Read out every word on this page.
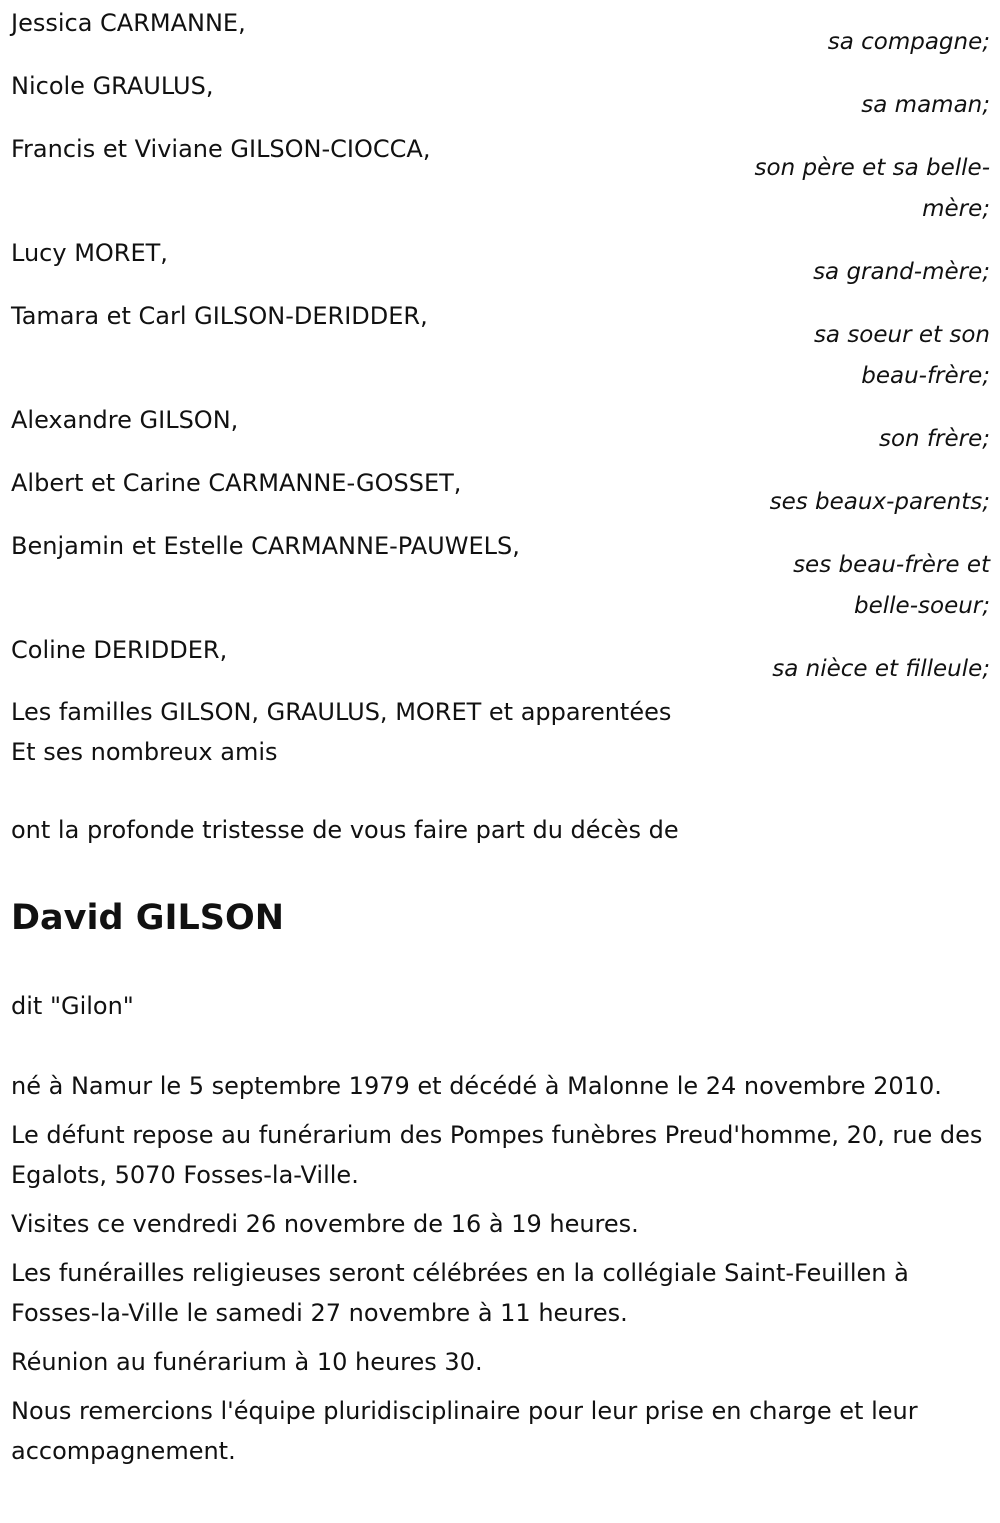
Jessica CARMANNE,
sa compagne;
Nicole GRAULUS,
sa maman;
Francis et Viviane GILSON-CIOCCA,
son père et sa belle-mère;
Lucy MORET,
sa grand-mère;
Tamara et Carl GILSON-DERIDDER,
sa soeur et son beau-frère;
Alexandre GILSON,
son frère;
Albert et Carine CARMANNE-GOSSET,
ses beaux-parents;
Benjamin et Estelle CARMANNE-PAUWELS,
ses beau-frère et belle-soeur;
Coline DERIDDER,
sa nièce et filleule;
Les familles GILSON, GRAULUS, MORET et apparentées
Et ses nombreux amis
ont la profonde tristesse de vous faire part du décès de
David GILSON
dit "Gilon"
né à Namur le 5 septembre 1979 et décédé à Malonne le 24 novembre 2010.
Le défunt repose au funérarium des Pompes funèbres Preud'homme, 20, rue des Egalots, 5070 Fosses-la-Ville.
Visites ce vendredi 26 novembre de 16 à 19 heures.
Les funérailles religieuses seront célébrées en la collégiale Saint-Feuillen à Fosses-la-Ville le samedi 27 novembre à 11 heures.
Réunion au funérarium à 10 heures 30.
Nous remercions l'équipe pluridisciplinaire pour leur prise en charge et leur accompagnement.
